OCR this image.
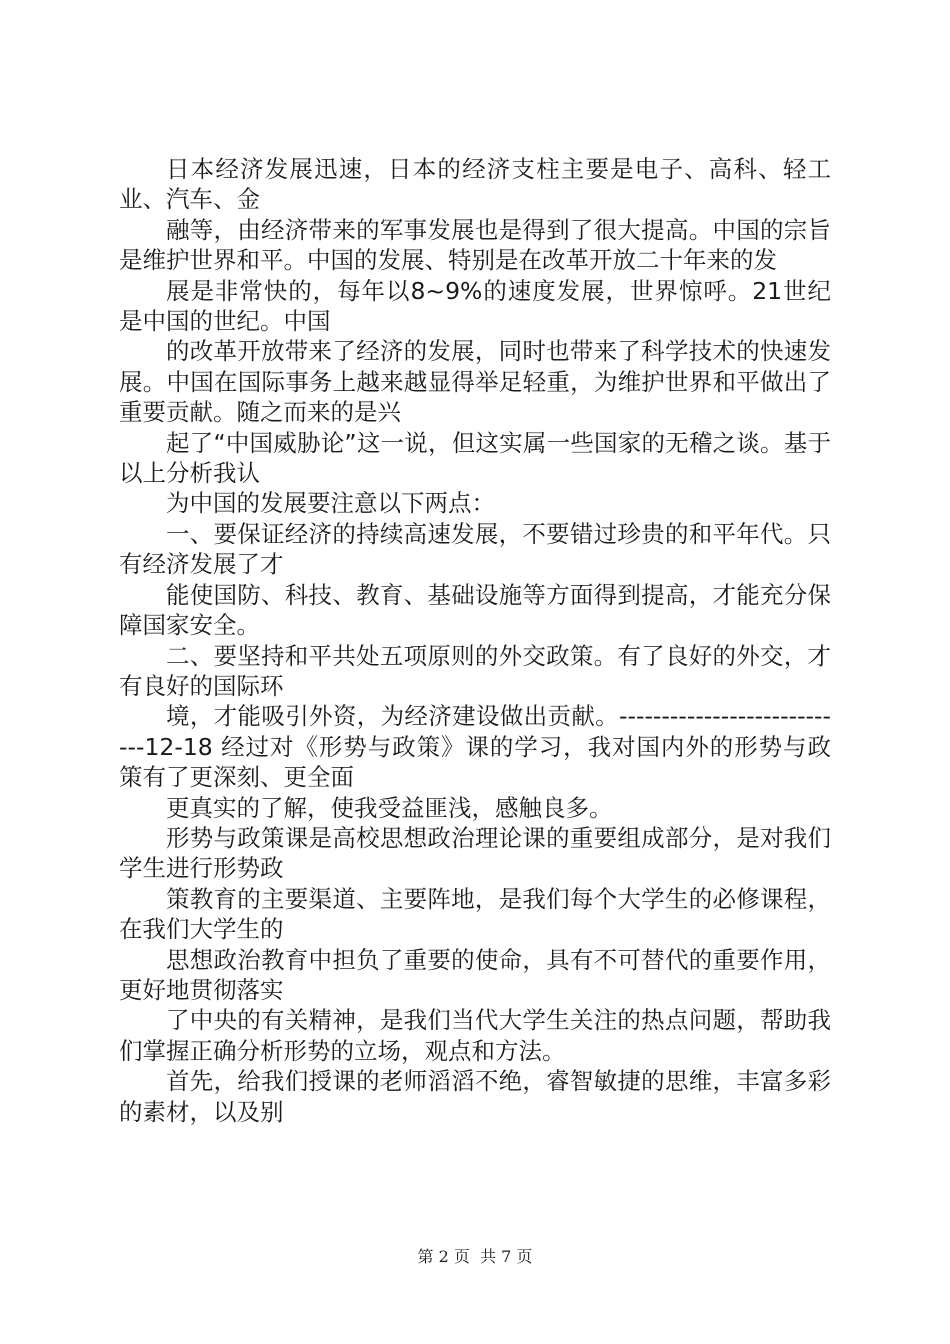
日本经济发展迅速，日本的经济支柱主要是电子、高科、轻工业、汽车、金

融等，由经济带来的军事发展也是得到了很大提高。中国的宗旨是维护世界和平。中国的发展、特别是在改革开放二十年来的发

展是非常快的，每年以8~9%的速度发展，世界惊呼。21世纪是中国的世纪。中国

的改革开放带来了经济的发展，同时也带来了科学技术的快速发展。中国在国际事务上越来越显得举足轻重，为维护世界和平做出了重要贡献。随之而来的是兴

起了“中国威胁论”这一说，但这实属一些国家的无稽之谈。基于以上分析我认

为中国的发展要注意以下两点：

一、要保证经济的持续高速发展，不要错过珍贵的和平年代。只有经济发展了才

能使国防、科技、教育、基础设施等方面得到提高，才能充分保障国家安全。

二、要坚持和平共处五项原则的外交政策。有了良好的外交，才有良好的国际环

境，才能吸引外资，为经济建设做出贡献。----------------------------12-18 经过对《形势与政策》课的学习，我对国内外的形势与政策有了更深刻、更全面

更真实的了解，使我受益匪浅，感触良多。

形势与政策课是高校思想政治理论课的重要组成部分，是对我们学生进行形势政

策教育的主要渠道、主要阵地，是我们每个大学生的必修课程，在我们大学生的

思想政治教育中担负了重要的使命，具有不可替代的重要作用，更好地贯彻落实

了中央的有关精神，是我们当代大学生关注的热点问题，帮助我们掌握正确分析形势的立场，观点和方法。

首先，给我们授课的老师滔滔不绝，睿智敏捷的思维，丰富多彩的素材，以及别

第 2 页  共 7 页
